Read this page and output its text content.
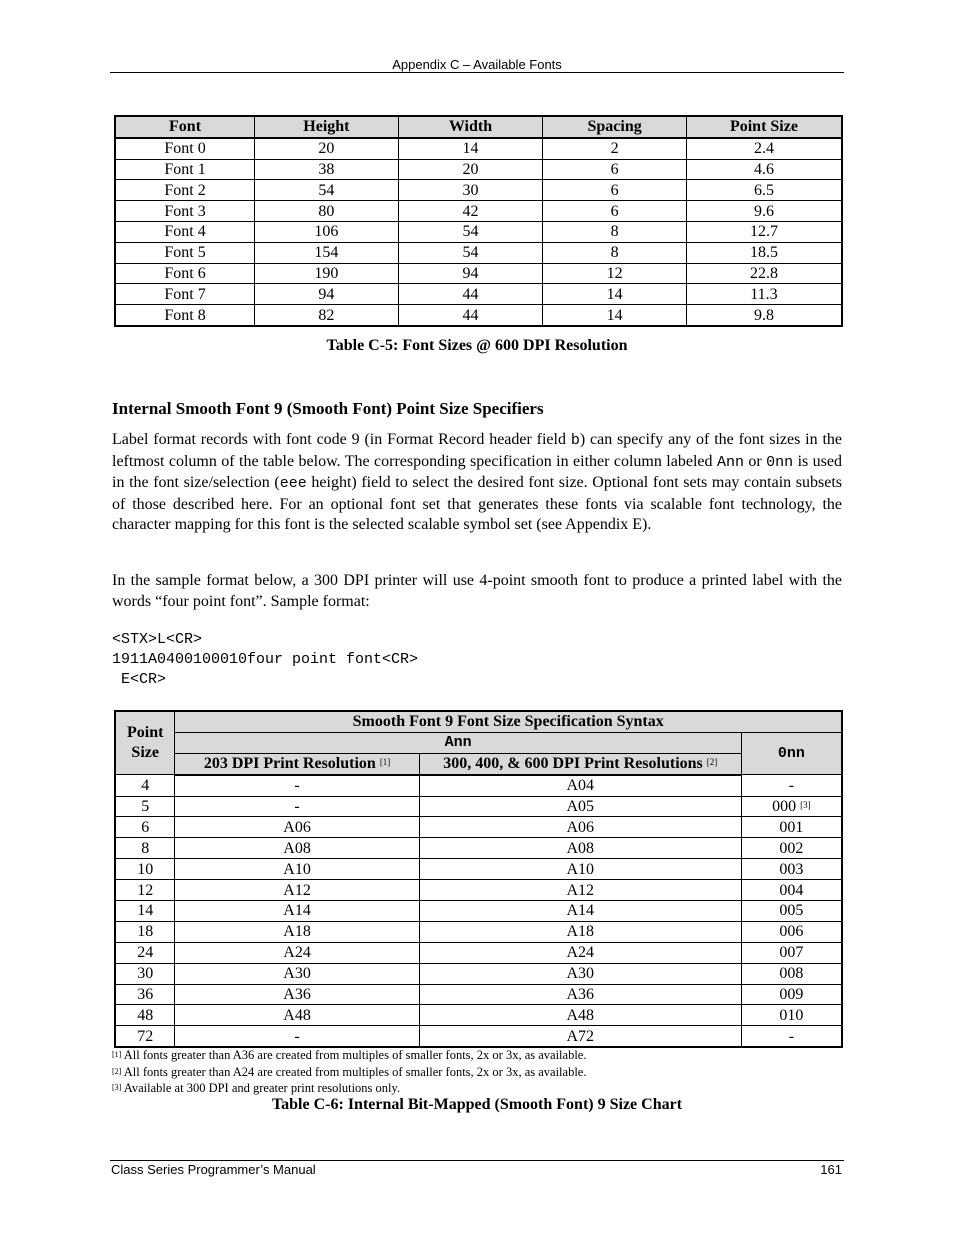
Appendix C – Available Fonts
Font	Height	Width	Spacing	Point Size
Font 0	20	14	2	2.4
Font 1	38	20	6	4.6
Font 2	54	30	6	6.5
Font 3	80	42	6	9.6
Font 4	106	54	8	12.7
Font 5	154	54	8	18.5
Font 6	190	94	12	22.8
Font 7	94	44	14	11.3
Font 8	82	44	14	9.8
Table C-5: Font Sizes @ 600 DPI Resolution
Internal Smooth Font 9 (Smooth Font) Point Size Specifiers
Label format records with font code 9 (in Format Record header field b) can specify any of the font sizes in the leftmost column of the table below. The corresponding specification in either column labeled Ann or 0nn is used in the font size/selection (eee height) field to select the desired font size. Optional font sets may contain subsets of those described here. For an optional font set that generates these fonts via scalable font technology, the character mapping for this font is the selected scalable symbol set (see Appendix E).
In the sample format below, a 300 DPI printer will use 4-point smooth font to produce a printed label with the words “four point font”. Sample format:
<STX>L<CR>
1911A0400100010four point font<CR>
E<CR>
Point
Size	Smooth Font 9 Font Size Specification Syntax		
	Ann		0nn
	203 DPI Print Resolution [1]	300, 400, & 600 DPI Print Resolutions [2]
4	-	A04	-
5	-	A05	000 [3]
6	A06	A06	001
8	A08	A08	002
10	A10	A10	003
12	A12	A12	004
14	A14	A14	005
18	A18	A18	006
24	A24	A24	007
30	A30	A30	008
36	A36	A36	009
48	A48	A48	010
72	-	A72	-
[1] All fonts greater than A36 are created from multiples of smaller fonts, 2x or 3x, as available.
[2] All fonts greater than A24 are created from multiples of smaller fonts, 2x or 3x, as available.
[3] Available at 300 DPI and greater print resolutions only.
Table C-6: Internal Bit-Mapped (Smooth Font) 9 Size Chart
Class Series Programmer’s Manual	161
